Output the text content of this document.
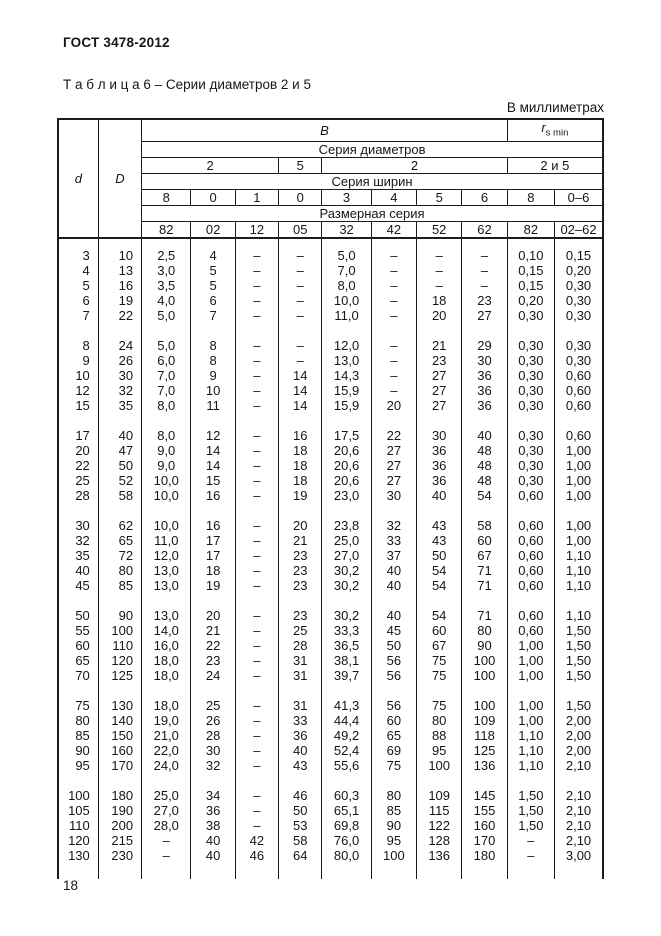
ГОСТ 3478-2012
Т а б л и ц а 6 – Серии диаметров 2 и 5
В миллиметрах
d	D	B								$r_{s min}$
		Серия диаметров									
		2			5	2				2 и 5	
		Серия ширин									
		8	0	1	0	3	4	5	6	8	0–6
		Размерная серия									
		82	02	12	05	32	42	52	62	82	02–62

3	10	2,5	4	–	–	5,0	–	–	–	0,10	0,15
4	13	3,0	5	–	–	7,0	–	–	–	0,15	0,20
5	16	3,5	5	–	–	8,0	–	–	–	0,15	0,30
6	19	4,0	6	–	–	10,0	–	18	23	0,20	0,30
7	22	5,0	7	–	–	11,0	–	20	27	0,30	0,30

8	24	5,0	8	–	–	12,0	–	21	29	0,30	0,30
9	26	6,0	8	–	–	13,0	–	23	30	0,30	0,30
10	30	7,0	9	–	14	14,3	–	27	36	0,30	0,60
12	32	7,0	10	–	14	15,9	–	27	36	0,30	0,60
15	35	8,0	11	–	14	15,9	20	27	36	0,30	0,60

17	40	8,0	12	–	16	17,5	22	30	40	0,30	0,60
20	47	9,0	14	–	18	20,6	27	36	48	0,30	1,00
22	50	9,0	14	–	18	20,6	27	36	48	0,30	1,00
25	52	10,0	15	–	18	20,6	27	36	48	0,30	1,00
28	58	10,0	16	–	19	23,0	30	40	54	0,60	1,00

30	62	10,0	16	–	20	23,8	32	43	58	0,60	1,00
32	65	11,0	17	–	21	25,0	33	43	60	0,60	1,00
35	72	12,0	17	–	23	27,0	37	50	67	0,60	1,10
40	80	13,0	18	–	23	30,2	40	54	71	0,60	1,10
45	85	13,0	19	–	23	30,2	40	54	71	0,60	1,10

50	90	13,0	20	–	23	30,2	40	54	71	0,60	1,10
55	100	14,0	21	–	25	33,3	45	60	80	0,60	1,50
60	110	16,0	22	–	28	36,5	50	67	90	1,00	1,50
65	120	18,0	23	–	31	38,1	56	75	100	1,00	1,50
70	125	18,0	24	–	31	39,7	56	75	100	1,00	1,50

75	130	18,0	25	–	31	41,3	56	75	100	1,00	1,50
80	140	19,0	26	–	33	44,4	60	80	109	1,00	2,00
85	150	21,0	28	–	36	49,2	65	88	118	1,10	2,00
90	160	22,0	30	–	40	52,4	69	95	125	1,10	2,00
95	170	24,0	32	–	43	55,6	75	100	136	1,10	2,10

100	180	25,0	34	–	46	60,3	80	109	145	1,50	2,10
105	190	27,0	36	–	50	65,1	85	115	155	1,50	2,10
110	200	28,0	38	–	53	69,8	90	122	160	1,50	2,10
120	215	–	40	42	58	76,0	95	128	170	–	2,10
130	230	–	40	46	64	80,0	100	136	180	–	3,00

18
